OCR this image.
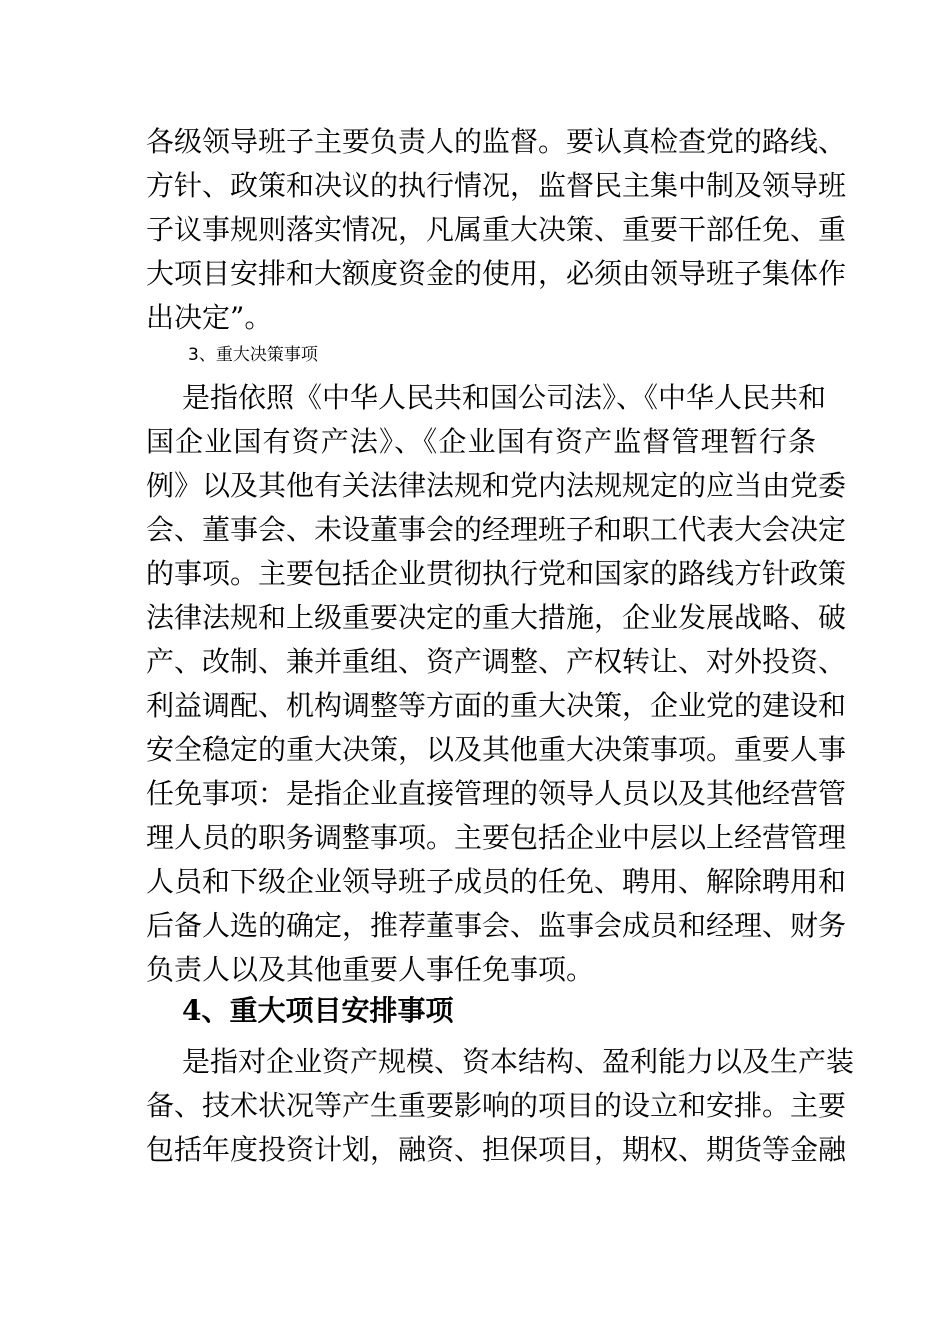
各级领导班子主要负责人的监督。要认真检查党的路线、
方针、政策和决议的执行情况，监督民主集中制及领导班
子议事规则落实情况，凡属重大决策、重要干部任免、重
大项目安排和大额度资金的使用，必须由领导班子集体作
出决定”。
3、重大决策事项
是指依照《中华人民共和国公司法》、《中华人民共和
国企业国有资产法》、《企业国有资产监督管理暂行条
例》以及其他有关法律法规和党内法规规定的应当由党委
会、董事会、未设董事会的经理班子和职工代表大会决定
的事项。主要包括企业贯彻执行党和国家的路线方针政策
法律法规和上级重要决定的重大措施，企业发展战略、破
产、改制、兼并重组、资产调整、产权转让、对外投资、
利益调配、机构调整等方面的重大决策，企业党的建设和
安全稳定的重大决策，以及其他重大决策事项。重要人事
任免事项：是指企业直接管理的领导人员以及其他经营管
理人员的职务调整事项。主要包括企业中层以上经营管理
人员和下级企业领导班子成员的任免、聘用、解除聘用和
后备人选的确定，推荐董事会、监事会成员和经理、财务
负责人以及其他重要人事任免事项。
4、重大项目安排事项
是指对企业资产规模、资本结构、盈利能力以及生产装
备、技术状况等产生重要影响的项目的设立和安排。主要
包括年度投资计划，融资、担保项目，期权、期货等金融
